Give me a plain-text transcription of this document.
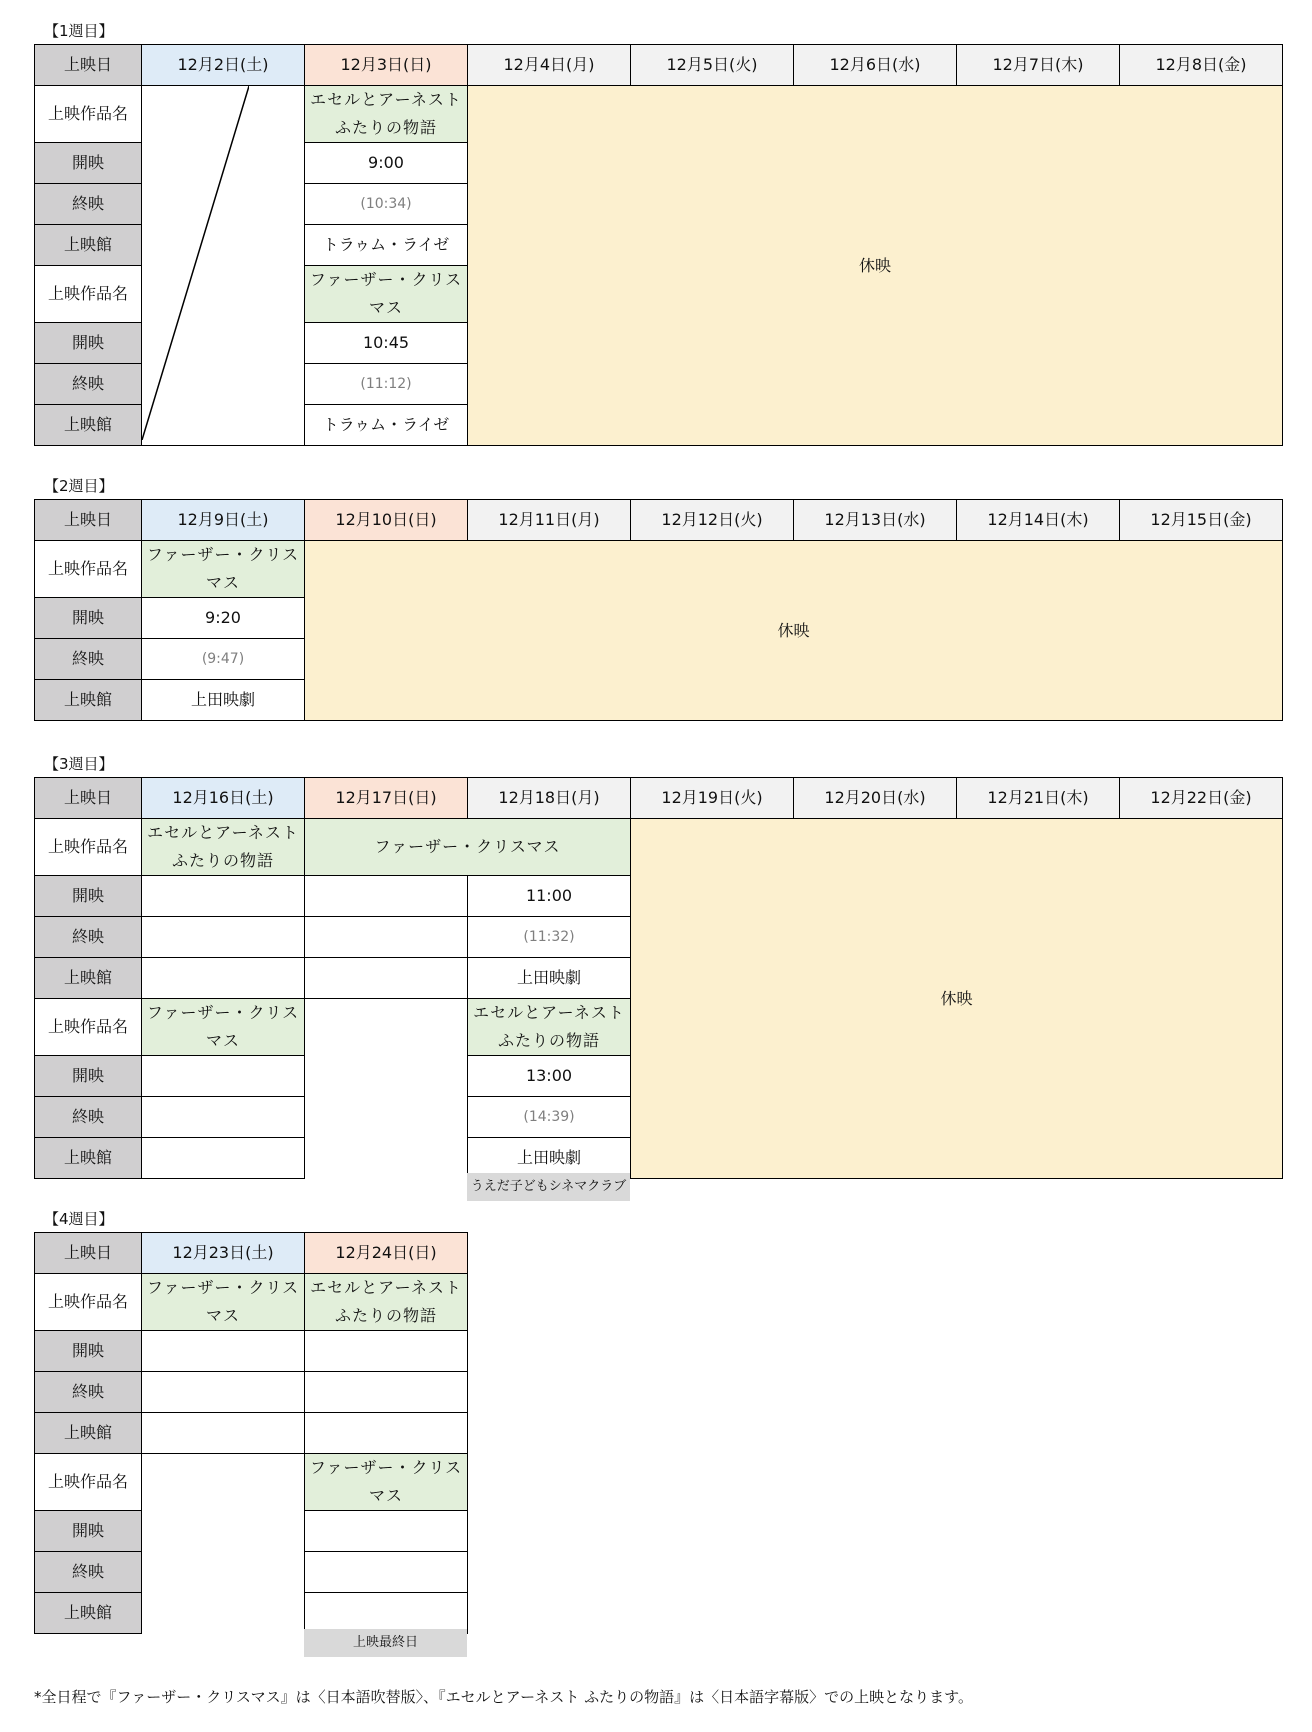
【1週目】
上映日	12月2日(土)	12月3日(日)	12月4日(月)	12月5日(火)	12月6日(水)	12月7日(木)	12月8日(金)
上映作品名		エセルとアーネスト ふたりの物語	休映				
開映		9:00					
終映		(10:34)					
上映館		トラゥム・ライゼ					
上映作品名		ファーザー・クリスマス					
開映		10:45					
終映		(11:12)					
上映館		トラゥム・ライゼ					
【2週目】
上映日	12月9日(土)	12月10日(日)	12月11日(月)	12月12日(火)	12月13日(水)	12月14日(木)	12月15日(金)
上映作品名	ファーザー・クリスマス	休映					
開映	9:20						
終映	(9:47)						
上映館	上田映劇						
【3週目】
上映日	12月16日(土)	12月17日(日)	12月18日(月)	12月19日(火)	12月20日(水)	12月21日(木)	12月22日(金)
上映作品名	エセルとアーネスト ふたりの物語	ファーザー・クリスマス		休映			
開映			11:00				
終映			(11:32)				
上映館			上田映劇				
上映作品名	ファーザー・クリスマス		エセルとアーネスト ふたりの物語				
開映			13:00				
終映			(14:39)				
上映館			上田映劇				
うえだ子どもシネマクラブ
【4週目】
上映日	12月23日(土)	12月24日(日)
上映作品名	ファーザー・クリスマス	エセルとアーネスト ふたりの物語
開映		
終映		
上映館		
上映作品名		ファーザー・クリスマス
開映		
終映		
上映館		
上映最終日
*全日程で『ファーザー・クリスマス』は〈日本語吹替版〉、『エセルとアーネスト ふたりの物語』は〈日本語字幕版〉での上映となります。
